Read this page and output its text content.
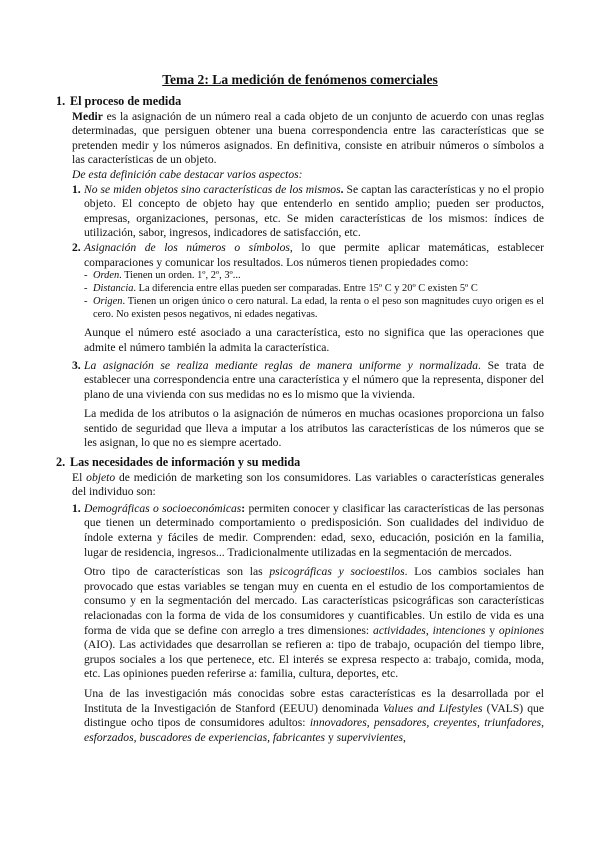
Tema 2: La medición de fenómenos comerciales
1. El proceso de medida
Medir es la asignación de un número real a cada objeto de un conjunto de acuerdo con unas reglas determinadas, que persiguen obtener una buena correspondencia entre las características que se pretenden medir y los números asignados. En definitiva, consiste en atribuir números o símbolos a las características de un objeto.
De esta definición cabe destacar varios aspectos:
1. No se miden objetos sino características de los mismos. Se captan las características y no el propio objeto. El concepto de objeto hay que entenderlo en sentido amplio; pueden ser productos, empresas, organizaciones, personas, etc. Se miden características de los mismos: índices de utilización, sabor, ingresos, indicadores de satisfacción, etc.
2. Asignación de los números o símbolos, lo que permite aplicar matemáticas, establecer comparaciones y comunicar los resultados. Los números tienen propiedades como:
- Orden. Tienen un orden. 1º, 2º, 3º...
- Distancia. La diferencia entre ellas pueden ser comparadas. Entre 15º C y 20º C existen 5º C
- Origen. Tienen un origen único o cero natural. La edad, la renta o el peso son magnitudes cuyo origen es el cero. No existen pesos negativos, ni edades negativas.
Aunque el número esté asociado a una característica, esto no significa que las operaciones que admite el número también la admita la característica.
3. La asignación se realiza mediante reglas de manera uniforme y normalizada. Se trata de establecer una correspondencia entre una característica y el número que la representa, disponer del plano de una vivienda con sus medidas no es lo mismo que la vivienda.
La medida de los atributos o la asignación de números en muchas ocasiones proporciona un falso sentido de seguridad que lleva a imputar a los atributos las características de los números que se les asignan, lo que no es siempre acertado.
2. Las necesidades de información y su medida
El objeto de medición de marketing son los consumidores. Las variables o características generales del individuo son:
1. Demográficas o socioeconómicas: permiten conocer y clasificar las características de las personas que tienen un determinado comportamiento o predisposición. Son cualidades del individuo de índole externa y fáciles de medir. Comprenden: edad, sexo, educación, posición en la familia, lugar de residencia, ingresos... Tradicionalmente utilizadas en la segmentación de mercados.
Otro tipo de características son las psicográficas y socioestilos. Los cambios sociales han provocado que estas variables se tengan muy en cuenta en el estudio de los comportamientos de consumo y en la segmentación del mercado. Las características psicográficas son características relacionadas con la forma de vida de los consumidores y cuantificables. Un estilo de vida es una forma de vida que se define con arreglo a tres dimensiones: actividades, intenciones y opiniones (AIO). Las actividades que desarrollan se refieren a: tipo de trabajo, ocupación del tiempo libre, grupos sociales a los que pertenece, etc. El interés se expresa respecto a: trabajo, comida, moda, etc. Las opiniones pueden referirse a: familia, cultura, deportes, etc.
Una de las investigación más conocidas sobre estas características es la desarrollada por el Instituta de la Investigación de Stanford (EEUU) denominada Values and Lifestyles (VALS) que distingue ocho tipos de consumidores adultos: innovadores, pensadores, creyentes, triunfadores, esforzados, buscadores de experiencias, fabricantes y supervivientes,
